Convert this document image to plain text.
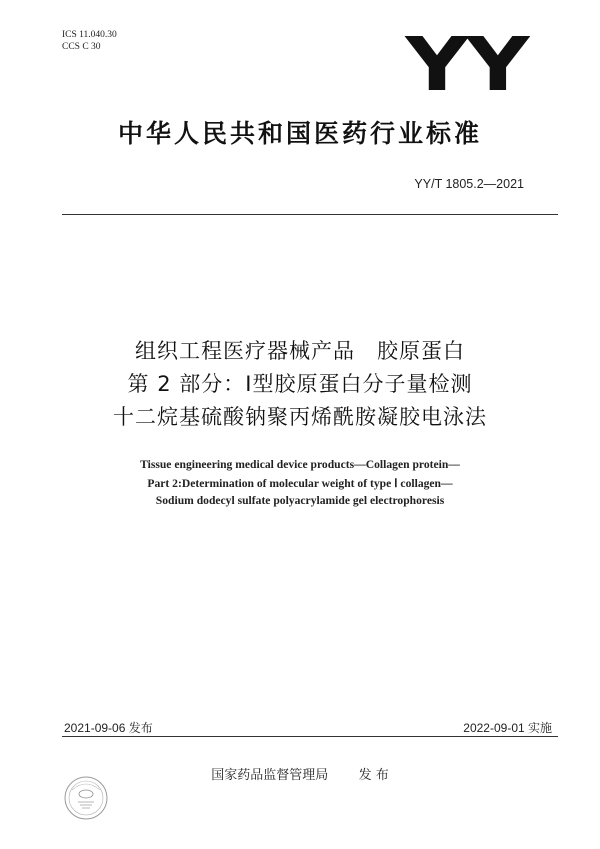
ICS 11.040.30
CCS C 30	YY
中华人民共和国医药行业标准
YY/T 1805.2—2021
组织工程医疗器械产品　胶原蛋白
第 2 部分：Ⅰ型胶原蛋白分子量检测
十二烷基硫酸钠聚丙烯酰胺凝胶电泳法
Tissue engineering medical device products—Collagen protein—
Part 2:Determination of molecular weight of type Ⅰ collagen—
Sodium dodecyl sulfate polyacrylamide gel electrophoresis
2021-09-06 发布	2022-09-01 实施
国家药品监督管理局 发 布
